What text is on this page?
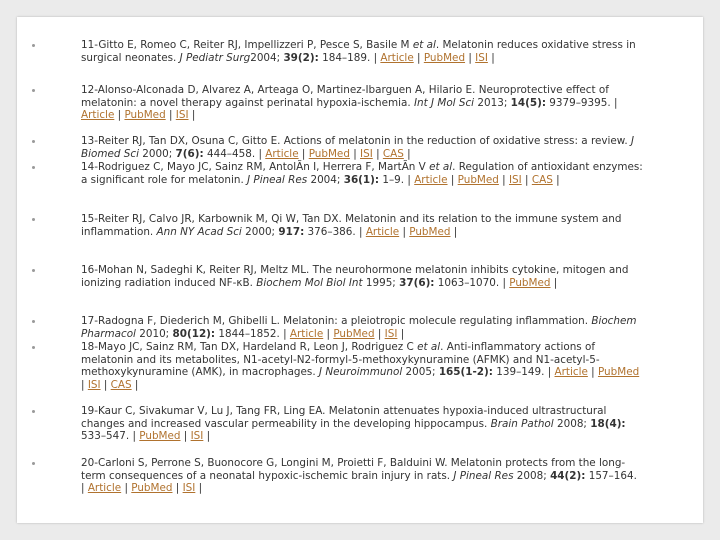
11-Gitto E, Romeo C, Reiter RJ, Impellizzeri P, Pesce S, Basile M et al. Melatonin reduces oxidative stress in surgical neonates. J Pediatr Surg2004; 39(2): 184–189. | Article | PubMed | ISI |
12-Alonso-Alconada D, Alvarez A, Arteaga O, Martinez-Ibarguen A, Hilario E. Neuroprotective effect of melatonin: a novel therapy against perinatal hypoxia-ischemia. Int J Mol Sci 2013; 14(5): 9379–9395. | Article | PubMed | ISI |
13-Reiter RJ, Tan DX, Osuna C, Gitto E. Actions of melatonin in the reduction of oxidative stress: a review. J Biomed Sci 2000; 7(6): 444–458. | Article | PubMed | ISI | CAS |
14-Rodriguez C, Mayo JC, Sainz RM, AntolÃn I, Herrera F, MartÃn V et al. Regulation of antioxidant enzymes: a significant role for melatonin. J Pineal Res 2004; 36(1): 1–9. | Article | PubMed | ISI | CAS |
15-Reiter RJ, Calvo JR, Karbownik M, Qi W, Tan DX. Melatonin and its relation to the immune system and inflammation. Ann NY Acad Sci 2000; 917: 376–386. | Article | PubMed |
16-Mohan N, Sadeghi K, Reiter RJ, Meltz ML. The neurohormone melatonin inhibits cytokine, mitogen and ionizing radiation induced NF-κB. Biochem Mol Biol Int 1995; 37(6): 1063–1070. | PubMed |
17-Radogna F, Diederich M, Ghibelli L. Melatonin: a pleiotropic molecule regulating inflammation. Biochem Pharmacol 2010; 80(12): 1844–1852. | Article | PubMed | ISI |
18-Mayo JC, Sainz RM, Tan DX, Hardeland R, Leon J, Rodriguez C et al. Anti-inflammatory actions of melatonin and its metabolites, N1-acetyl-N2-formyl-5-methoxykynuramine (AFMK) and N1-acetyl-5-methoxykynuramine (AMK), in macrophages. J Neuroimmunol 2005; 165(1-2): 139–149. | Article | PubMed | ISI | CAS |
19-Kaur C, Sivakumar V, Lu J, Tang FR, Ling EA. Melatonin attenuates hypoxia-induced ultrastructural changes and increased vascular permeability in the developing hippocampus. Brain Pathol 2008; 18(4): 533–547. | PubMed | ISI |
20-Carloni S, Perrone S, Buonocore G, Longini M, Proietti F, Balduini W. Melatonin protects from the long-term consequences of a neonatal hypoxic-ischemic brain injury in rats. J Pineal Res 2008; 44(2): 157–164. | Article | PubMed | ISI |
